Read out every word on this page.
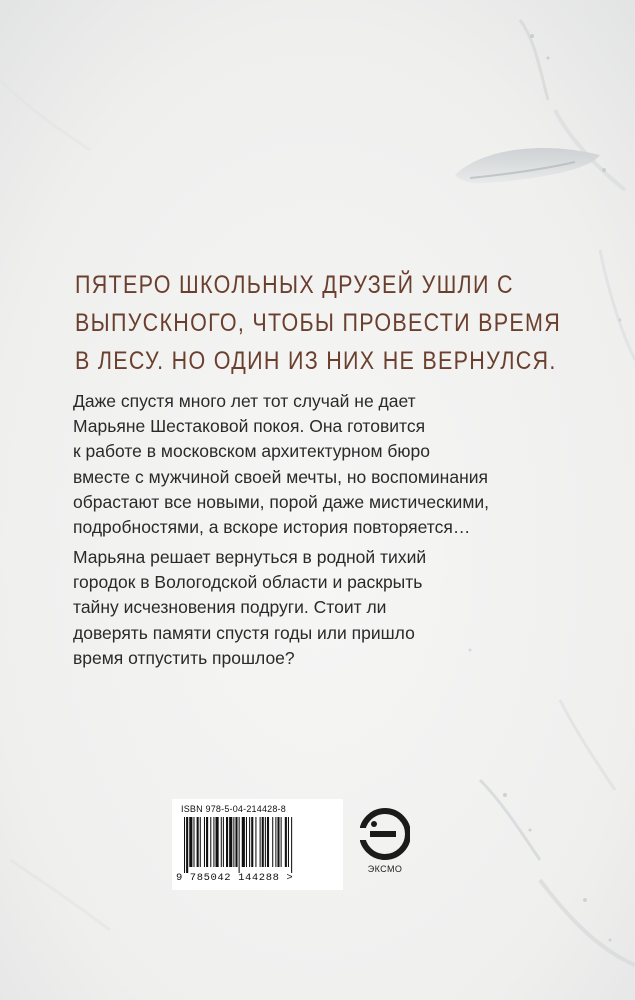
ПЯТЕРО ШКОЛЬНЫХ ДРУЗЕЙ УШЛИ С
ВЫПУСКНОГО, ЧТОБЫ ПРОВЕСТИ ВРЕМЯ
В ЛЕСУ. НО ОДИН ИЗ НИХ НЕ ВЕРНУЛСЯ.

Даже спустя много лет тот случай не дает
Марьяне Шестаковой покоя. Она готовится
к работе в московском архитектурном бюро
вместе с мужчиной своей мечты, но воспоминания
обрастают все новыми, порой даже мистическими,
подробностями, а вскоре история повторяется…

Марьяна решает вернуться в родной тихий
городок в Вологодской области и раскрыть
тайну исчезновения подруги. Стоит ли
доверять памяти спустя годы или пришло
время отпустить прошлое?

ISBN 978-5-04-214428-8
9 785042 144288 >
ЭКСМО
